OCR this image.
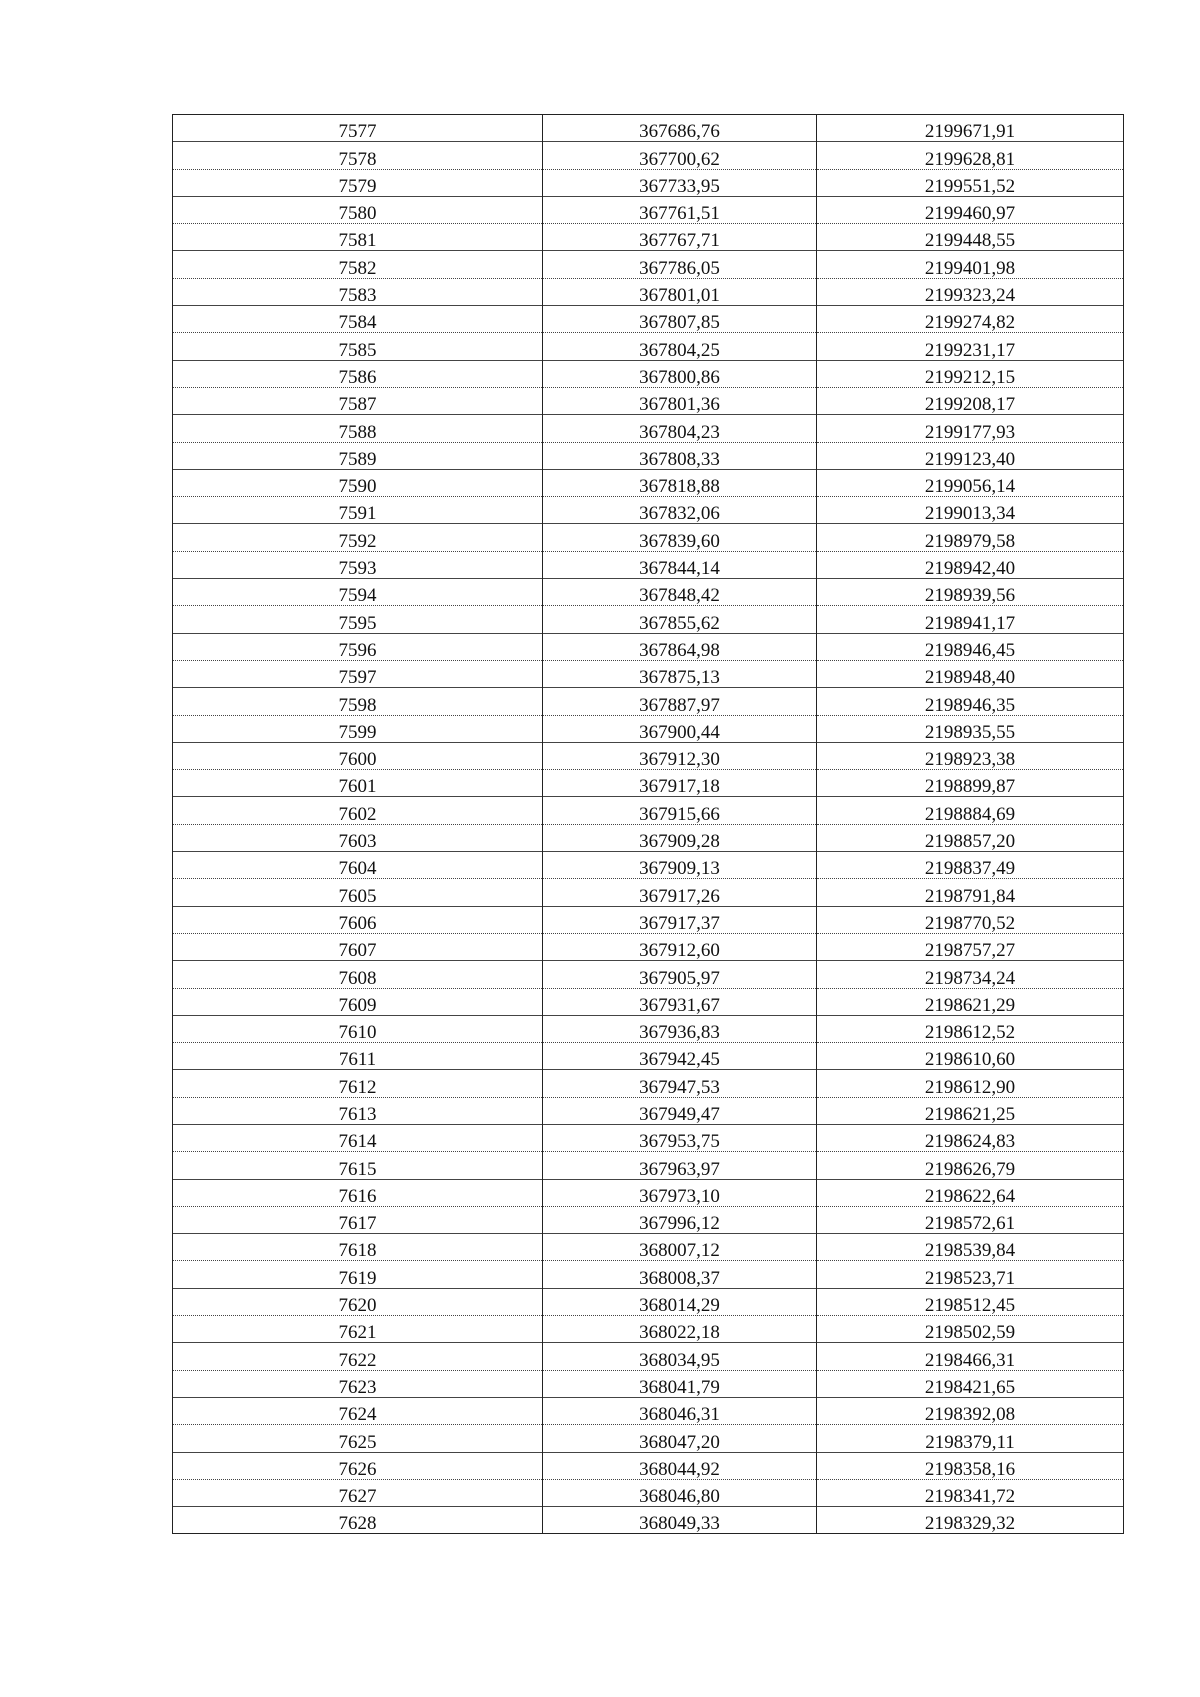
7577	367686,76	2199671,91
7578	367700,62	2199628,81
7579	367733,95	2199551,52
7580	367761,51	2199460,97
7581	367767,71	2199448,55
7582	367786,05	2199401,98
7583	367801,01	2199323,24
7584	367807,85	2199274,82
7585	367804,25	2199231,17
7586	367800,86	2199212,15
7587	367801,36	2199208,17
7588	367804,23	2199177,93
7589	367808,33	2199123,40
7590	367818,88	2199056,14
7591	367832,06	2199013,34
7592	367839,60	2198979,58
7593	367844,14	2198942,40
7594	367848,42	2198939,56
7595	367855,62	2198941,17
7596	367864,98	2198946,45
7597	367875,13	2198948,40
7598	367887,97	2198946,35
7599	367900,44	2198935,55
7600	367912,30	2198923,38
7601	367917,18	2198899,87
7602	367915,66	2198884,69
7603	367909,28	2198857,20
7604	367909,13	2198837,49
7605	367917,26	2198791,84
7606	367917,37	2198770,52
7607	367912,60	2198757,27
7608	367905,97	2198734,24
7609	367931,67	2198621,29
7610	367936,83	2198612,52
7611	367942,45	2198610,60
7612	367947,53	2198612,90
7613	367949,47	2198621,25
7614	367953,75	2198624,83
7615	367963,97	2198626,79
7616	367973,10	2198622,64
7617	367996,12	2198572,61
7618	368007,12	2198539,84
7619	368008,37	2198523,71
7620	368014,29	2198512,45
7621	368022,18	2198502,59
7622	368034,95	2198466,31
7623	368041,79	2198421,65
7624	368046,31	2198392,08
7625	368047,20	2198379,11
7626	368044,92	2198358,16
7627	368046,80	2198341,72
7628	368049,33	2198329,32
